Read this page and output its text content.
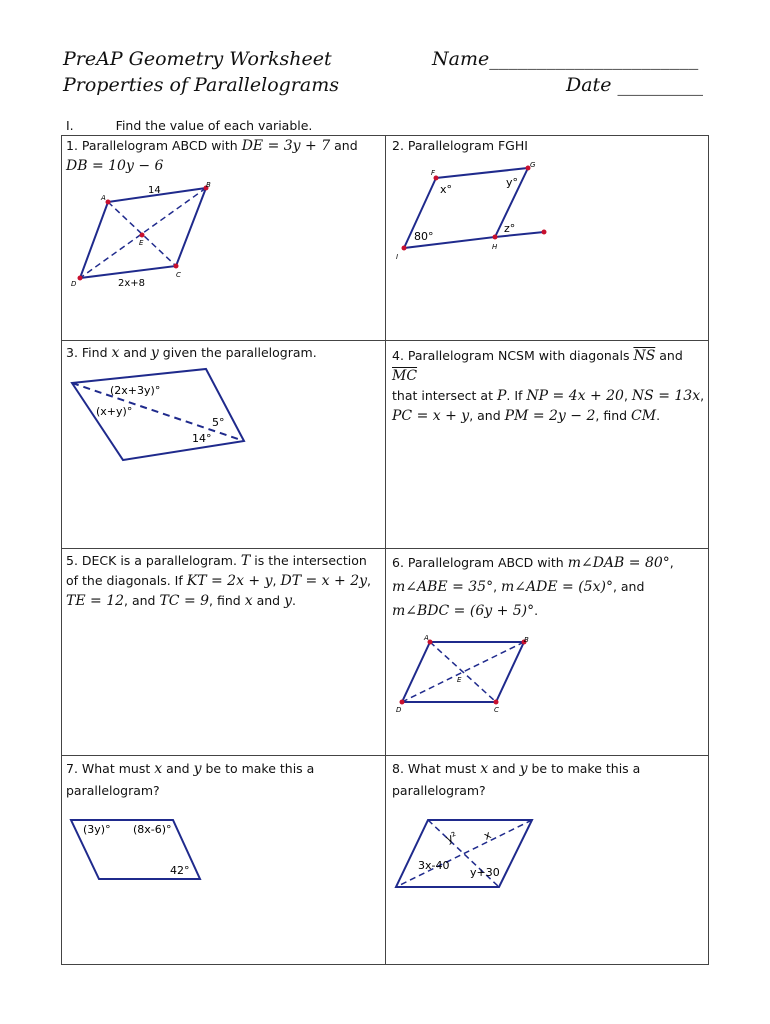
PreAP Geometry Worksheet
Properties of Parallelograms
Name______________________
Date _________
I.	Find the value of each variable.
1. Parallelogram ABCD with DE = 3y + 7 and
DB = 10y − 6
A
B
C
D
E
14
2x+8
2. Parallelogram FGHI
F
G
H
I
x°
y°
z°
80°
3. Find x and y given the parallelogram.
(2x+3y)°
(x+y)°
5°
14°
4. Parallelogram NCSM with diagonals $\overline{NS}$ and $\overline{MC}$
that intersect at P. If NP = 4x + 20, NS = 13x,
PC = x + y, and PM = 2y − 2, find CM.
5. DECK is a parallelogram. T is the intersection
of the diagonals. If KT = 2x + y, DT = x + 2y,
TE = 12, and TC = 9, find x and y.
6. Parallelogram ABCD with m∠DAB = 80°,
m∠ABE = 35°, m∠ADE = (5x)°, and
m∠BDC = (6y + 5)°.
A	B
C
D
E
7. What must x and y be to make this a
parallelogram?
(3y)° (8x-6)°
42°
8. What must x and y be to make this a
parallelogram?
y² x
3x-40
y+30
